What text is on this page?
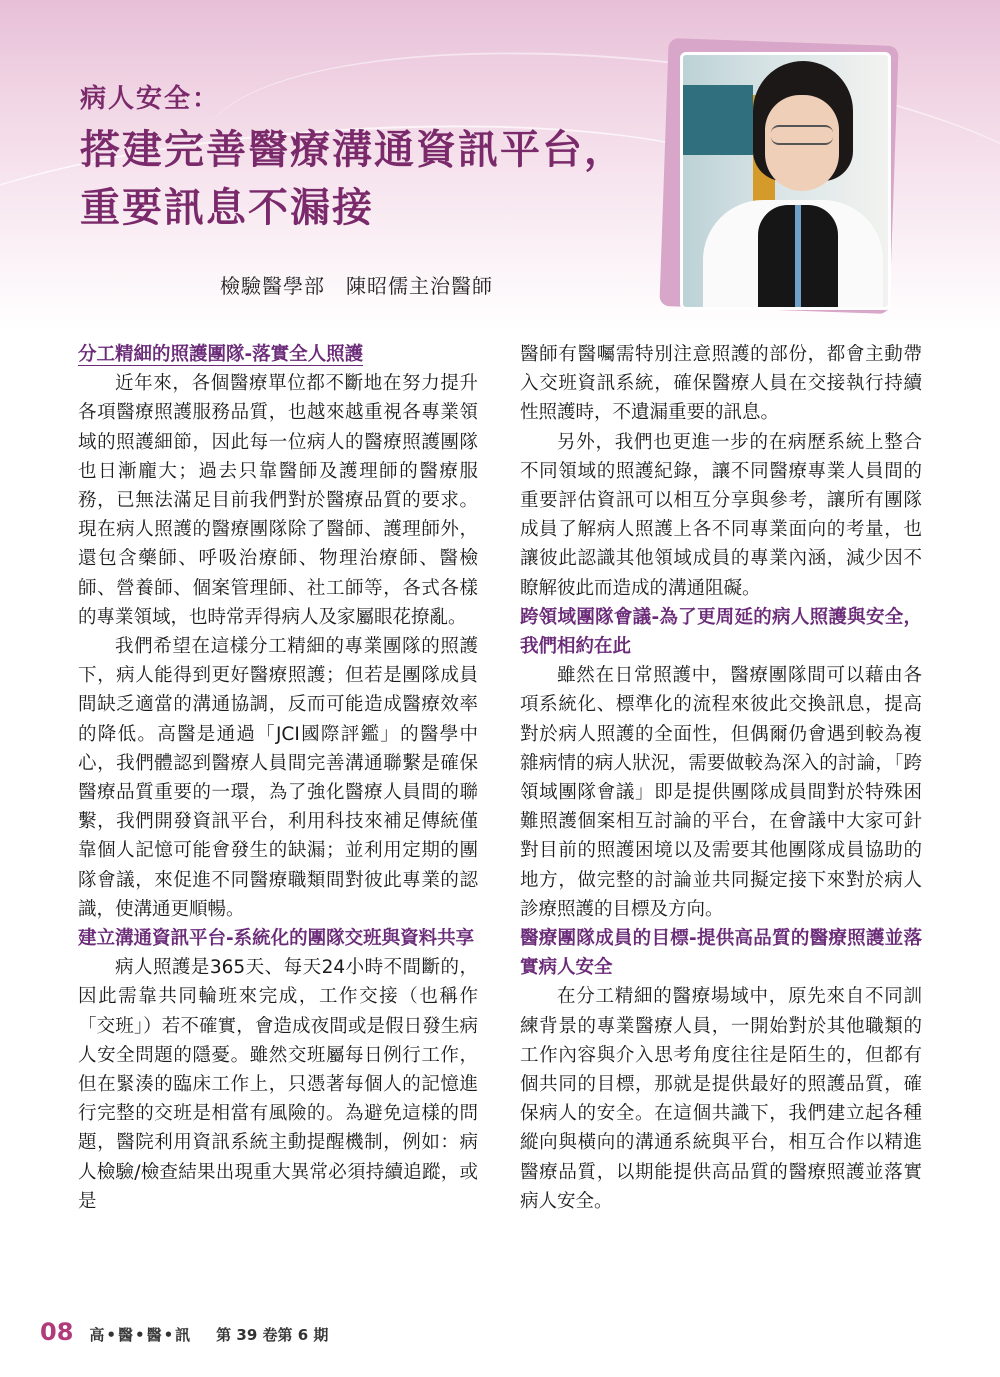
病人安全：
搭建完善醫療溝通資訊平台，
重要訊息不漏接
檢驗醫學部　陳昭儒主治醫師
分工精細的照護團隊-落實全人照護

近年來，各個醫療單位都不斷地在努力提升各項醫療照護服務品質，也越來越重視各專業領域的照護細節，因此每一位病人的醫療照護團隊也日漸龐大；過去只靠醫師及護理師的醫療服務，已無法滿足目前我們對於醫療品質的要求。現在病人照護的醫療團隊除了醫師、護理師外，還包含藥師、呼吸治療師、物理治療師、醫檢師、營養師、個案管理師、社工師等，各式各樣的專業領域，也時常弄得病人及家屬眼花撩亂。

我們希望在這樣分工精細的專業團隊的照護下，病人能得到更好醫療照護；但若是團隊成員間缺乏適當的溝通協調，反而可能造成醫療效率的降低。高醫是通過「JCI國際評鑑」的醫學中心，我們體認到醫療人員間完善溝通聯繫是確保醫療品質重要的一環，為了強化醫療人員間的聯繫，我們開發資訊平台，利用科技來補足傳統僅靠個人記憶可能會發生的缺漏；並利用定期的團隊會議，來促進不同醫療職類間對彼此專業的認識，使溝通更順暢。

建立溝通資訊平台-系統化的團隊交班與資料共享

病人照護是365天、每天24小時不間斷的，因此需靠共同輪班來完成，工作交接（也稱作「交班」）若不確實，會造成夜間或是假日發生病人安全問題的隱憂。雖然交班屬每日例行工作，但在緊湊的臨床工作上，只憑著每個人的記憶進行完整的交班是相當有風險的。為避免這樣的問題，醫院利用資訊系統主動提醒機制，例如：病人檢驗/檢查結果出現重大異常必須持續追蹤，或是

醫師有醫囑需特別注意照護的部份，都會主動帶入交班資訊系統，確保醫療人員在交接執行持續性照護時，不遺漏重要的訊息。

另外，我們也更進一步的在病歷系統上整合不同領域的照護紀錄，讓不同醫療專業人員間的重要評估資訊可以相互分享與參考，讓所有團隊成員了解病人照護上各不同專業面向的考量，也讓彼此認識其他領域成員的專業內涵，減少因不瞭解彼此而造成的溝通阻礙。

跨領域團隊會議-為了更周延的病人照護與安全，我們相約在此

雖然在日常照護中，醫療團隊間可以藉由各項系統化、標準化的流程來彼此交換訊息，提高對於病人照護的全面性，但偶爾仍會遇到較為複雜病情的病人狀況，需要做較為深入的討論，「跨領域團隊會議」即是提供團隊成員間對於特殊困難照護個案相互討論的平台，在會議中大家可針對目前的照護困境以及需要其他團隊成員協助的地方，做完整的討論並共同擬定接下來對於病人診療照護的目標及方向。

醫療團隊成員的目標-提供高品質的醫療照護並落實病人安全

在分工精細的醫療場域中，原先來自不同訓練背景的專業醫療人員，一開始對於其他職類的工作內容與介入思考角度往往是陌生的，但都有個共同的目標，那就是提供最好的照護品質，確保病人的安全。在這個共識下，我們建立起各種縱向與橫向的溝通系統與平台，相互合作以精進醫療品質，以期能提供高品質的醫療照護並落實病人安全。

08 高•醫•醫•訊 第 39 卷第 6 期
